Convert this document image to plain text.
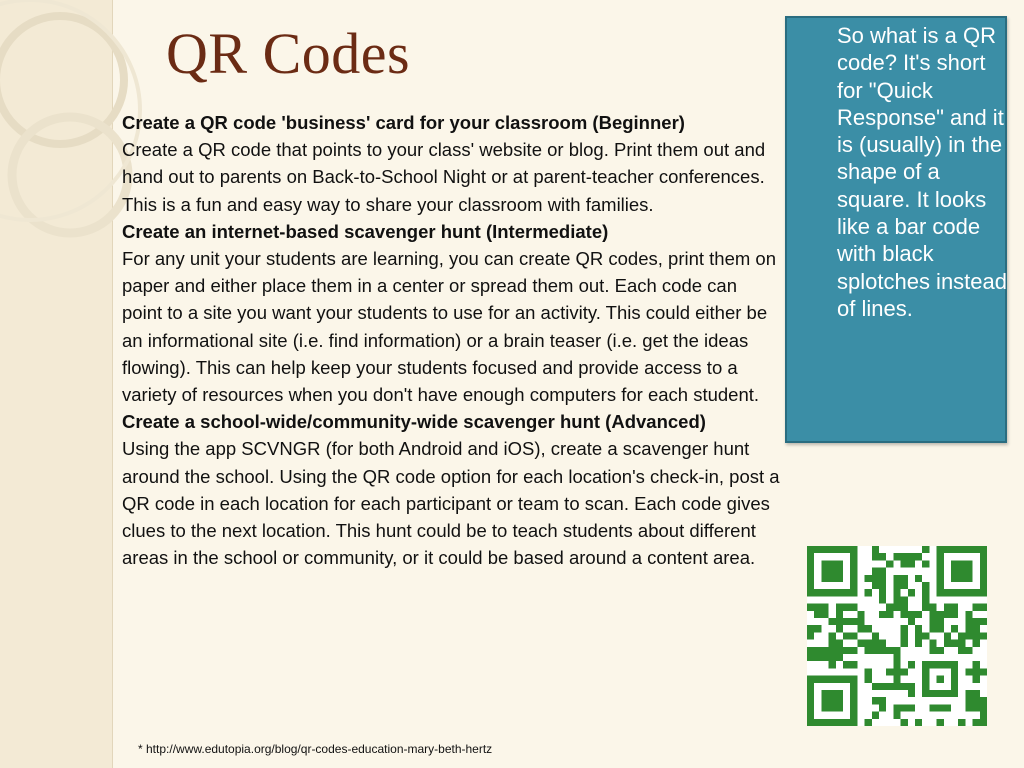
QR Codes

Create a QR code 'business' card for your classroom (Beginner)

Create a QR code that points to your class' website or blog. Print them out and hand out to parents on Back-to-School Night or at parent-teacher conferences. This is a fun and easy way to share your classroom with families.

Create an internet-based scavenger hunt (Intermediate)

For any unit your students are learning, you can create QR codes, print them on paper and either place them in a center or spread them out. Each code can point to a site you want your students to use for an activity. This could either be an informational site (i.e. find information) or a brain teaser (i.e. get the ideas flowing). This can help keep your students focused and provide access to a variety of resources when you don't have enough computers for each student.

Create a school-wide/community-wide scavenger hunt (Advanced)

Using the app SCVNGR (for both Android and iOS), create a scavenger hunt around the school. Using the QR code option for each location's check-in, post a QR code in each location for each participant or team to scan. Each code gives clues to the next location. This hunt could be to teach students about different areas in the school or community, or it could be based around a content area.

So what is a QR code? It's short for "Quick Response" and it is (usually) in the shape of a square. It looks like a bar code with black splotches instead of lines.

* http://www.edutopia.org/blog/qr-codes-education-mary-beth-hertz
